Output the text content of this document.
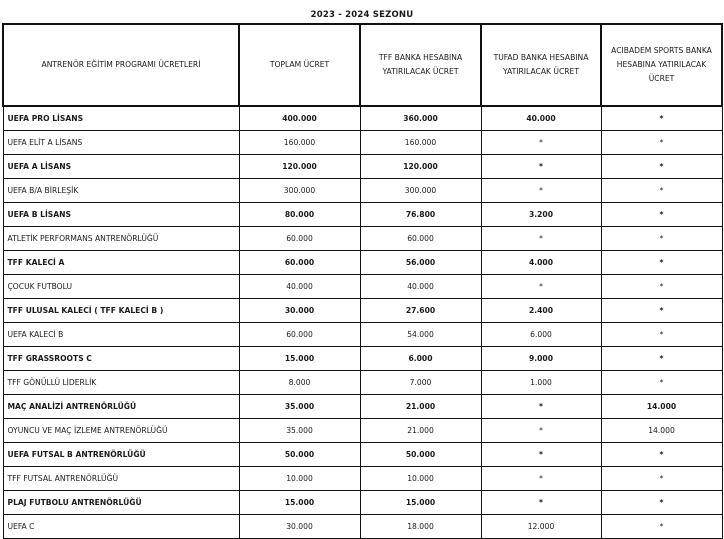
2023 - 2024 SEZONU
ANTRENÖR EĞİTİM PROGRAMI ÜCRETLERİ	TOPLAM ÜCRET	TFF BANKA HESABINA YATIRILACAK ÜCRET	TUFAD BANKA HESABINA YATIRILACAK ÜCRET	ACIBADEM SPORTS BANKA HESABINA YATIRILACAK ÜCRET
UEFA PRO LİSANS	400.000	360.000	40.000	*
UEFA ELİT A LİSANS	160.000	160.000	*	*
UEFA A LİSANS	120.000	120.000	*	*
UEFA B/A BİRLEŞİK	300.000	300.000	*	*
UEFA B LİSANS	80.000	76.800	3.200	*
ATLETİK PERFORMANS ANTRENÖRLÜĞÜ	60.000	60.000	*	*
TFF KALECİ A	60.000	56.000	4.000	*
ÇOCUK FUTBOLU	40.000	40.000	*	*
TFF ULUSAL KALECİ ( TFF KALECİ B )	30.000	27.600	2.400	*
UEFA KALECİ B	60.000	54.000	6.000	*
TFF GRASSROOTS C	15.000	6.000	9.000	*
TFF GÖNÜLLÜ LİDERLİK	8.000	7.000	1.000	*
MAÇ ANALİZİ ANTRENÖRLÜĞÜ	35.000	21.000	*	14.000
OYUNCU VE MAÇ İZLEME ANTRENÖRLÜĞÜ	35.000	21.000	*	14.000
UEFA FUTSAL B ANTRENÖRLÜĞÜ	50.000	50.000	*	*
TFF FUTSAL ANTRENÖRLÜĞÜ	10.000	10.000	*	*
PLAJ FUTBOLU ANTRENÖRLÜĞÜ	15.000	15.000	*	*
UEFA C	30.000	18.000	12.000	*
